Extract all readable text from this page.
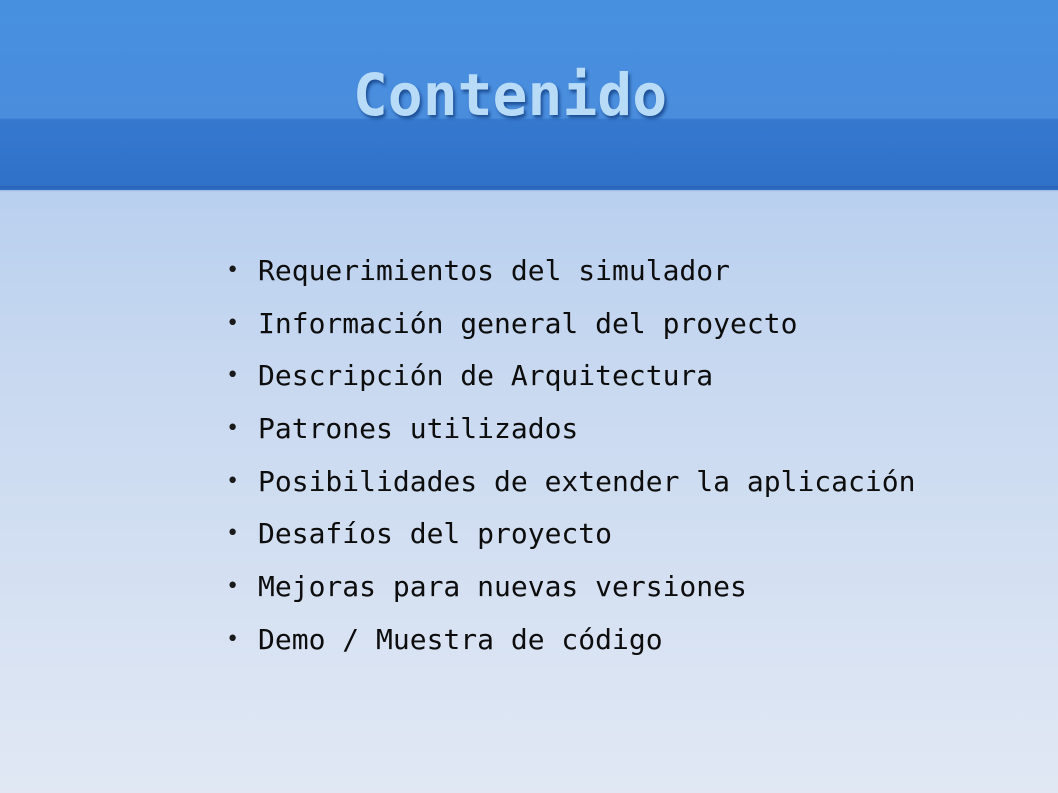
Contenido
• Requerimientos del simulador
• Información general del proyecto
• Descripción de Arquitectura
• Patrones utilizados
• Posibilidades de extender la aplicación
• Desafíos del proyecto
• Mejoras para nuevas versiones
• Demo / Muestra de código
